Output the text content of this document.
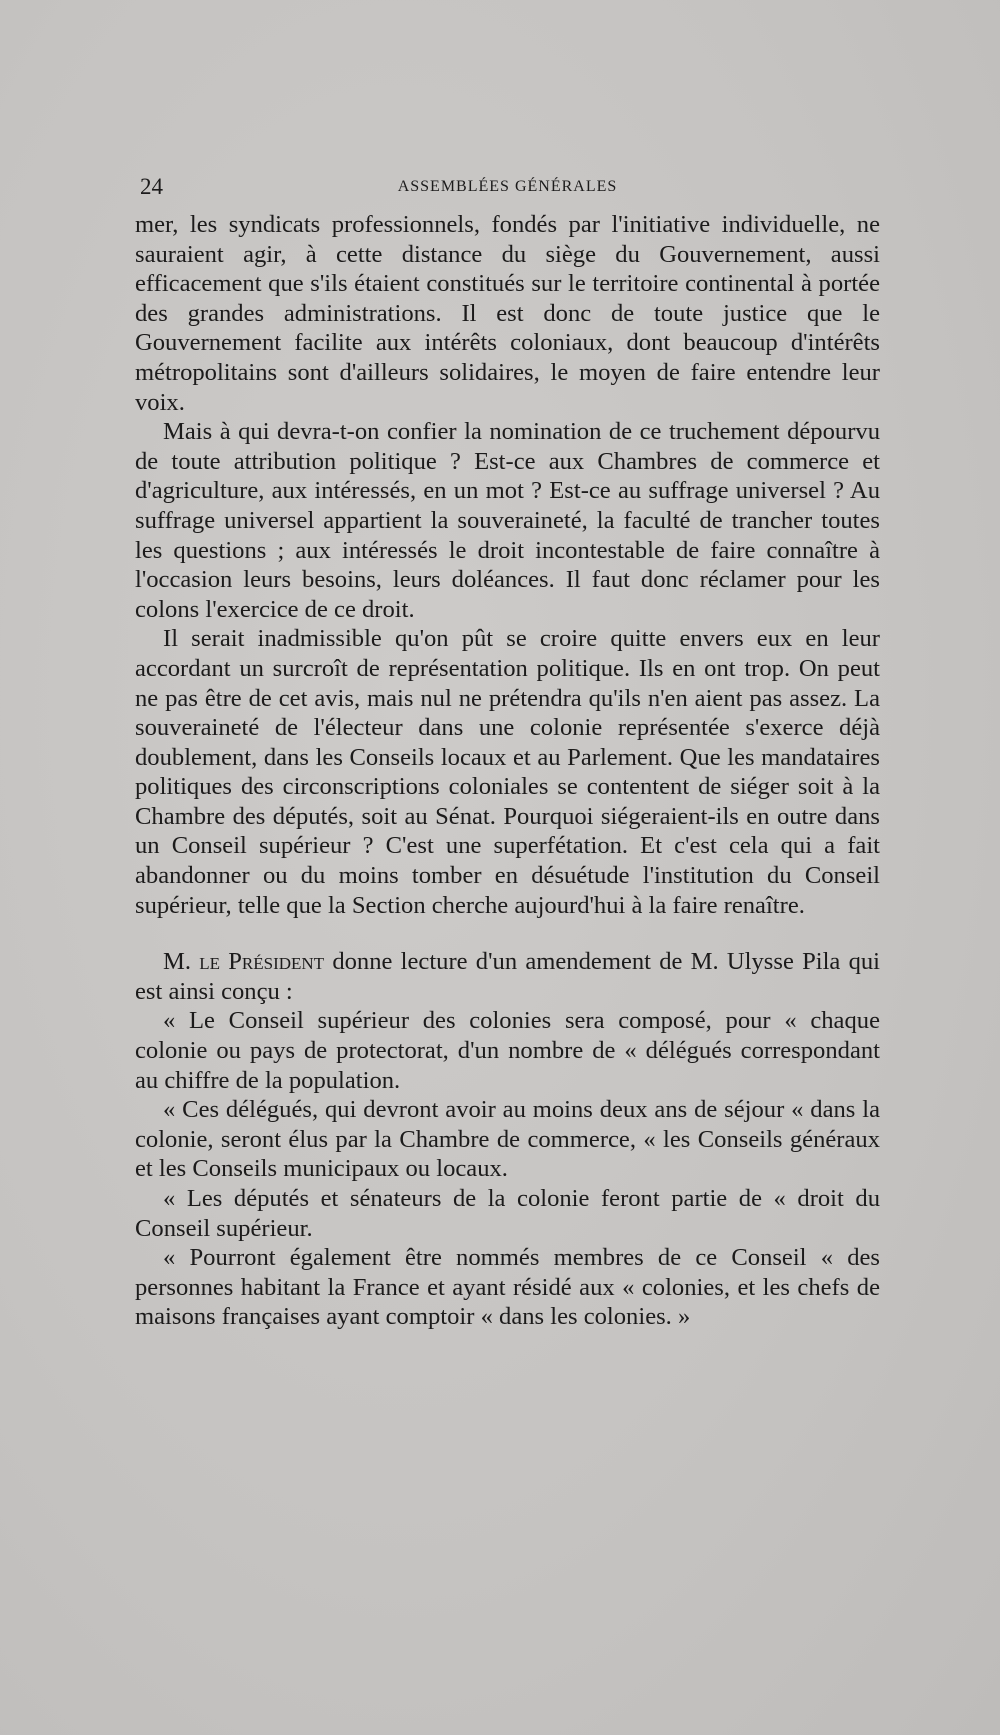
24	ASSEMBLÉES GÉNÉRALES

mer, les syndicats professionnels, fondés par l'initiative individuelle, ne sauraient agir, à cette distance du siège du Gouvernement, aussi efficacement que s'ils étaient constitués sur le territoire continental à portée des grandes administrations. Il est donc de toute justice que le Gouvernement facilite aux intérêts coloniaux, dont beaucoup d'intérêts métropolitains sont d'ailleurs solidaires, le moyen de faire entendre leur voix.

Mais à qui devra-t-on confier la nomination de ce truchement dépourvu de toute attribution politique ? Est-ce aux Chambres de commerce et d'agriculture, aux intéressés, en un mot ? Est-ce au suffrage universel ? Au suffrage universel appartient la souveraineté, la faculté de trancher toutes les questions ; aux intéressés le droit incontestable de faire connaître à l'occasion leurs besoins, leurs doléances. Il faut donc réclamer pour les colons l'exercice de ce droit.

Il serait inadmissible qu'on pût se croire quitte envers eux en leur accordant un surcroît de représentation politique. Ils en ont trop. On peut ne pas être de cet avis, mais nul ne prétendra qu'ils n'en aient pas assez. La souveraineté de l'électeur dans une colonie représentée s'exerce déjà doublement, dans les Conseils locaux et au Parlement. Que les mandataires politiques des circonscriptions coloniales se contentent de siéger soit à la Chambre des députés, soit au Sénat. Pourquoi siégeraient-ils en outre dans un Conseil supérieur ? C'est une superfétation. Et c'est cela qui a fait abandonner ou du moins tomber en désuétude l'institution du Conseil supérieur, telle que la Section cherche aujourd'hui à la faire renaître.

M. le Président donne lecture d'un amendement de M. Ulysse Pila qui est ainsi conçu :

« Le Conseil supérieur des colonies sera composé, pour « chaque colonie ou pays de protectorat, d'un nombre de « délégués correspondant au chiffre de la population.

« Ces délégués, qui devront avoir au moins deux ans de séjour « dans la colonie, seront élus par la Chambre de commerce, « les Conseils généraux et les Conseils municipaux ou locaux.

« Les députés et sénateurs de la colonie feront partie de « droit du Conseil supérieur.

« Pourront également être nommés membres de ce Conseil « des personnes habitant la France et ayant résidé aux « colonies, et les chefs de maisons françaises ayant comptoir « dans les colonies. »
